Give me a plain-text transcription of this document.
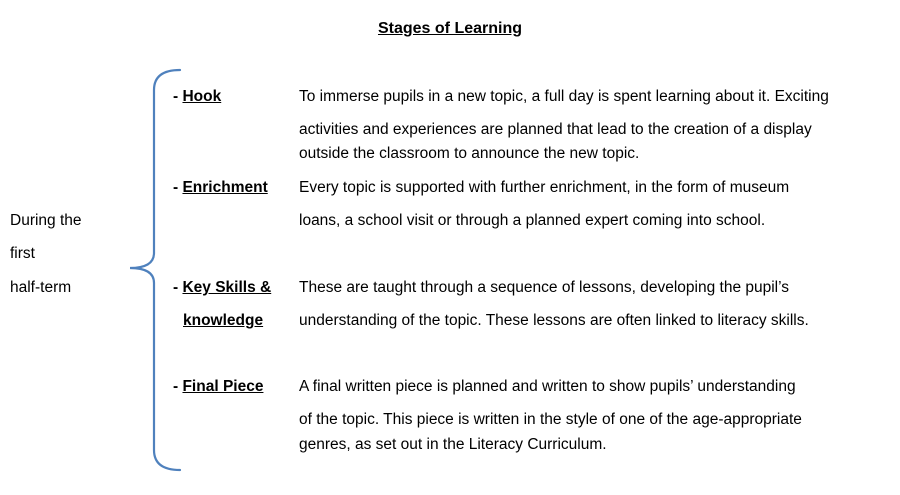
Stages of Learning
During the
first
half-term
- Hook	To immerse pupils in a new topic, a full day is spent learning about it. Exciting
activities and experiences are planned that lead to the creation of a display
outside the classroom to announce the new topic.
- Enrichment Every topic is supported with further enrichment, in the form of museum
loans, a school visit or through a planned expert coming into school.
- Key Skills &
knowledge
These are taught through a sequence of lessons, developing the pupil’s
understanding of the topic. These lessons are often linked to literacy skills.
- Final Piece A final written piece is planned and written to show pupils’ understanding
of the topic. This piece is written in the style of one of the age-appropriate
genres, as set out in the Literacy Curriculum.
